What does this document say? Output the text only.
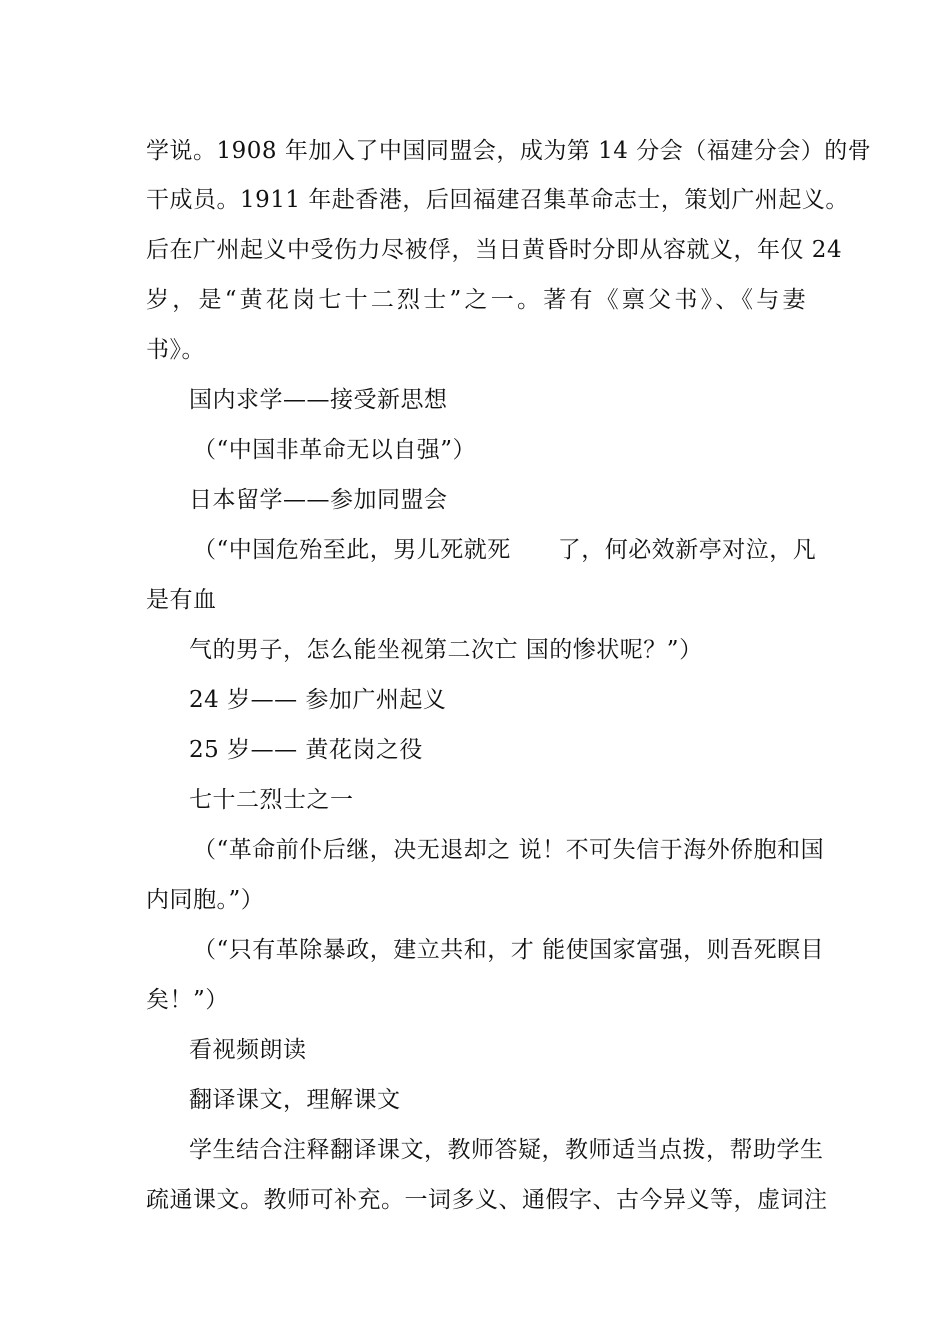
学说。1908 年加入了中国同盟会，成为第 14 分会（福建分会）的骨
干成员。1911 年赴香港，后回福建召集革命志士，策划广州起义。
后在广州起义中受伤力尽被俘，当日黄昏时分即从容就义，年仅 24
岁，是“黄花岗七十二烈士”之一。著有《禀父书》、《与妻
书》。
国内求学——接受新思想
（“中国非革命无以自强”）
日本留学——参加同盟会
（“中国危殆至此，男儿死就死　　了，何必效新亭对泣，凡
是有血
气的男子，怎么能坐视第二次亡 国的惨状呢？”）
24 岁—— 参加广州起义
25 岁—— 黄花岗之役
七十二烈士之一
（“革命前仆后继，决无退却之 说！不可失信于海外侨胞和国
内同胞。”）
（“只有革除暴政，建立共和，才 能使国家富强，则吾死瞑目
矣！”）
看视频朗读
翻译课文，理解课文
学生结合注释翻译课文，教师答疑，教师适当点拨，帮助学生
疏通课文。教师可补充。一词多义、通假字、古今异义等，虚词注
